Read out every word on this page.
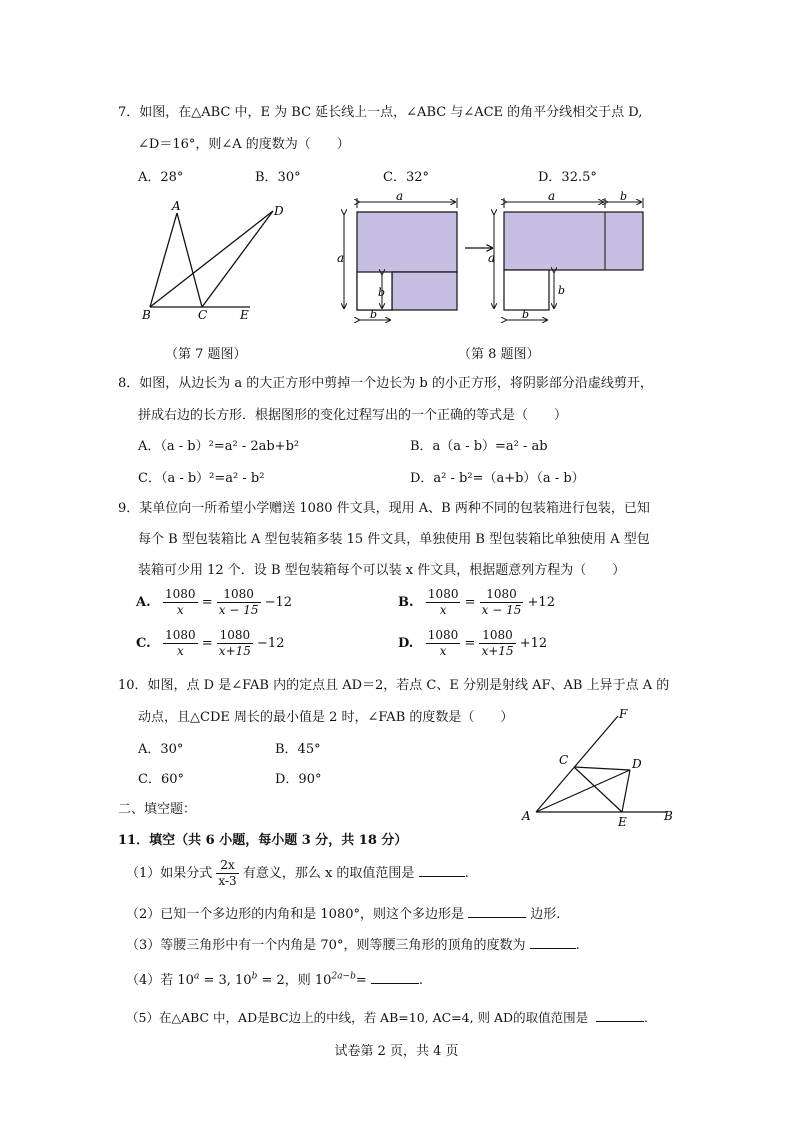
7．如图，在△ABC 中，E 为 BC 延长线上一点，∠ABC 与∠ACE 的角平分线相交于点 D,
∠D＝16°，则∠A 的度数为（　　）
A．28°	B．30°	C．32°	D．32.5°
A
B	C
D
E
a
a
b
b
a	b
a
b
b
（第 7 题图）	（第 8 题图）
8．如图，从边长为 a 的大正方形中剪掉一个边长为 b 的小正方形，将阴影部分沿虚线剪开，
拼成右边的长方形．根据图形的变化过程写出的一个正确的等式是（　　）
A．（a - b）²=a² - 2ab+b²	B．a（a - b）=a² - ab
C．（a - b）²=a² - b²	D．a² - b²=（a+b）（a - b）
9．某单位向一所希望小学赠送 1080 件文具，现用 A、B 两种不同的包装箱进行包装，已知
每个 B 型包装箱比 A 型包装箱多装 15 件文具，单独使用 B 型包装箱比单独使用 A 型包
装箱可少用 12 个．设 B 型包装箱每个可以装 x 件文具，根据题意列方程为（　　）
A. $\frac{1080}{x} = \frac{1080}{x - 15} -12$	B. $\frac{1080}{x} = \frac{1080}{x - 15} +12$
C. $\frac{1080}{x} = \frac{1080}{x+15} -12$	D. $\frac{1080}{x} = \frac{1080}{x+15} +12$
10．如图，点 D 是∠FAB 内的定点且 AD＝2，若点 C、E 分别是射线 AF、AB 上异于点 A 的
动点，且△CDE 周长的最小值是 2 时，∠FAB 的度数是（　　）
A．30°	B．45°
C．60°	D．90°
F
C	D
A	E	B
二、填空题：
11．填空（共 6 小题，每小题 3 分，共 18 分）
（1）如果分式 $\frac{2x}{x-3}$ 有意义，那么 x 的取值范围是	.
（2）已知一个多边形的内角和是 1080°，则这个多边形是	边形.
（3）等腰三角形中有一个内角是 70°，则等腰三角形的顶角的度数为	.
（4）若 $10^a = 3$, $10^b = 2$，则 $10^{2a-b}=$	.
（5）在△ABC 中，AD是BC边上的中线，若 AB=10, AC=4, 则 AD的取值范围是	.
试卷第 2 页，共 4 页
